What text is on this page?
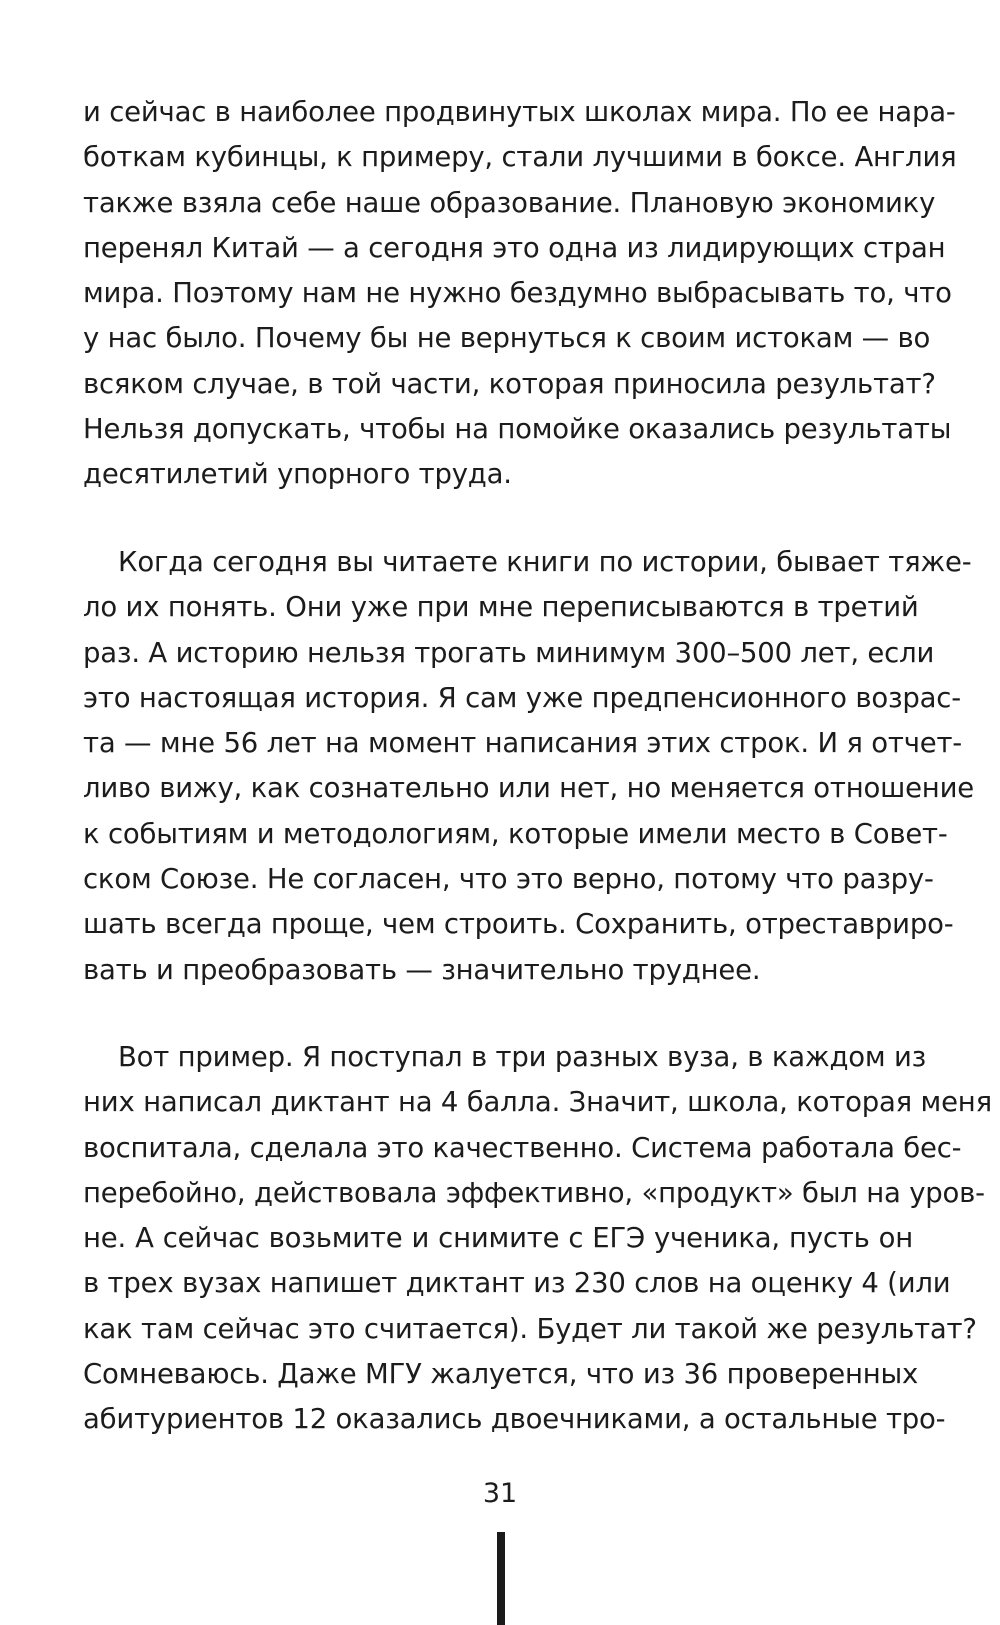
и сейчас в наиболее продвинутых школах мира. По ее нара-
боткам кубинцы, к примеру, стали лучшими в боксе. Англия
также взяла себе наше образование. Плановую экономику
перенял Китай — а сегодня это одна из лидирующих стран
мира. Поэтому нам не нужно бездумно выбрасывать то, что
у нас было. Почему бы не вернуться к своим истокам — во
всяком случае, в той части, которая приносила результат?
Нельзя допускать, чтобы на помойке оказались результаты
десятилетий упорного труда.
Когда сегодня вы читаете книги по истории, бывает тяже-
ло их понять. Они уже при мне переписываются в третий
раз. А историю нельзя трогать минимум 300–500 лет, если
это настоящая история. Я сам уже предпенсионного возрас-
та — мне 56 лет на момент написания этих строк. И я отчет-
ливо вижу, как сознательно или нет, но меняется отношение
к событиям и методологиям, которые имели место в Совет-
ском Союзе. Не согласен, что это верно, потому что разру-
шать всегда проще, чем строить. Сохранить, отреставриро-
вать и преобразовать — значительно труднее.
Вот пример. Я поступал в три разных вуза, в каждом из
них написал диктант на 4 балла. Значит, школа, которая меня
воспитала, сделала это качественно. Система работала бес-
перебойно, действовала эффективно, «продукт» был на уров-
не. А сейчас возьмите и снимите с ЕГЭ ученика, пусть он
в трех вузах напишет диктант из 230 слов на оценку 4 (или
как там сейчас это считается). Будет ли такой же результат?
Сомневаюсь. Даже МГУ жалуется, что из 36 проверенных
абитуриентов 12 оказались двоечниками, а остальные тро-
31
